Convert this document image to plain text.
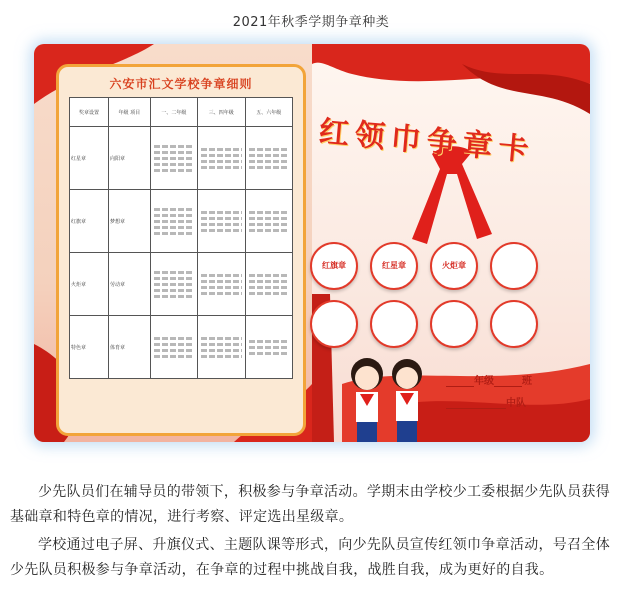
2021年秋季学期争章种类
六安市汇文学校争章细则
奖章设置	年级 项目	一、二年级	三、四年级	五、六年级
红星章	向阳章	

红旗章	梦想章	

火炬章	劳动章	

特色章	体育章	

红领巾争章卡
红旗章	红星章	火炬章
年级	班
中队

少先队员们在辅导员的带领下，积极参与争章活动。学期末由学校少工委根据少先队员获得基础章和特色章的情况，进行考察、评定选出星级章。

学校通过电子屏、升旗仪式、主题队课等形式，向少先队员宣传红领巾争章活动，号召全体少先队员积极参与争章活动，在争章的过程中挑战自我，战胜自我，成为更好的自我。
